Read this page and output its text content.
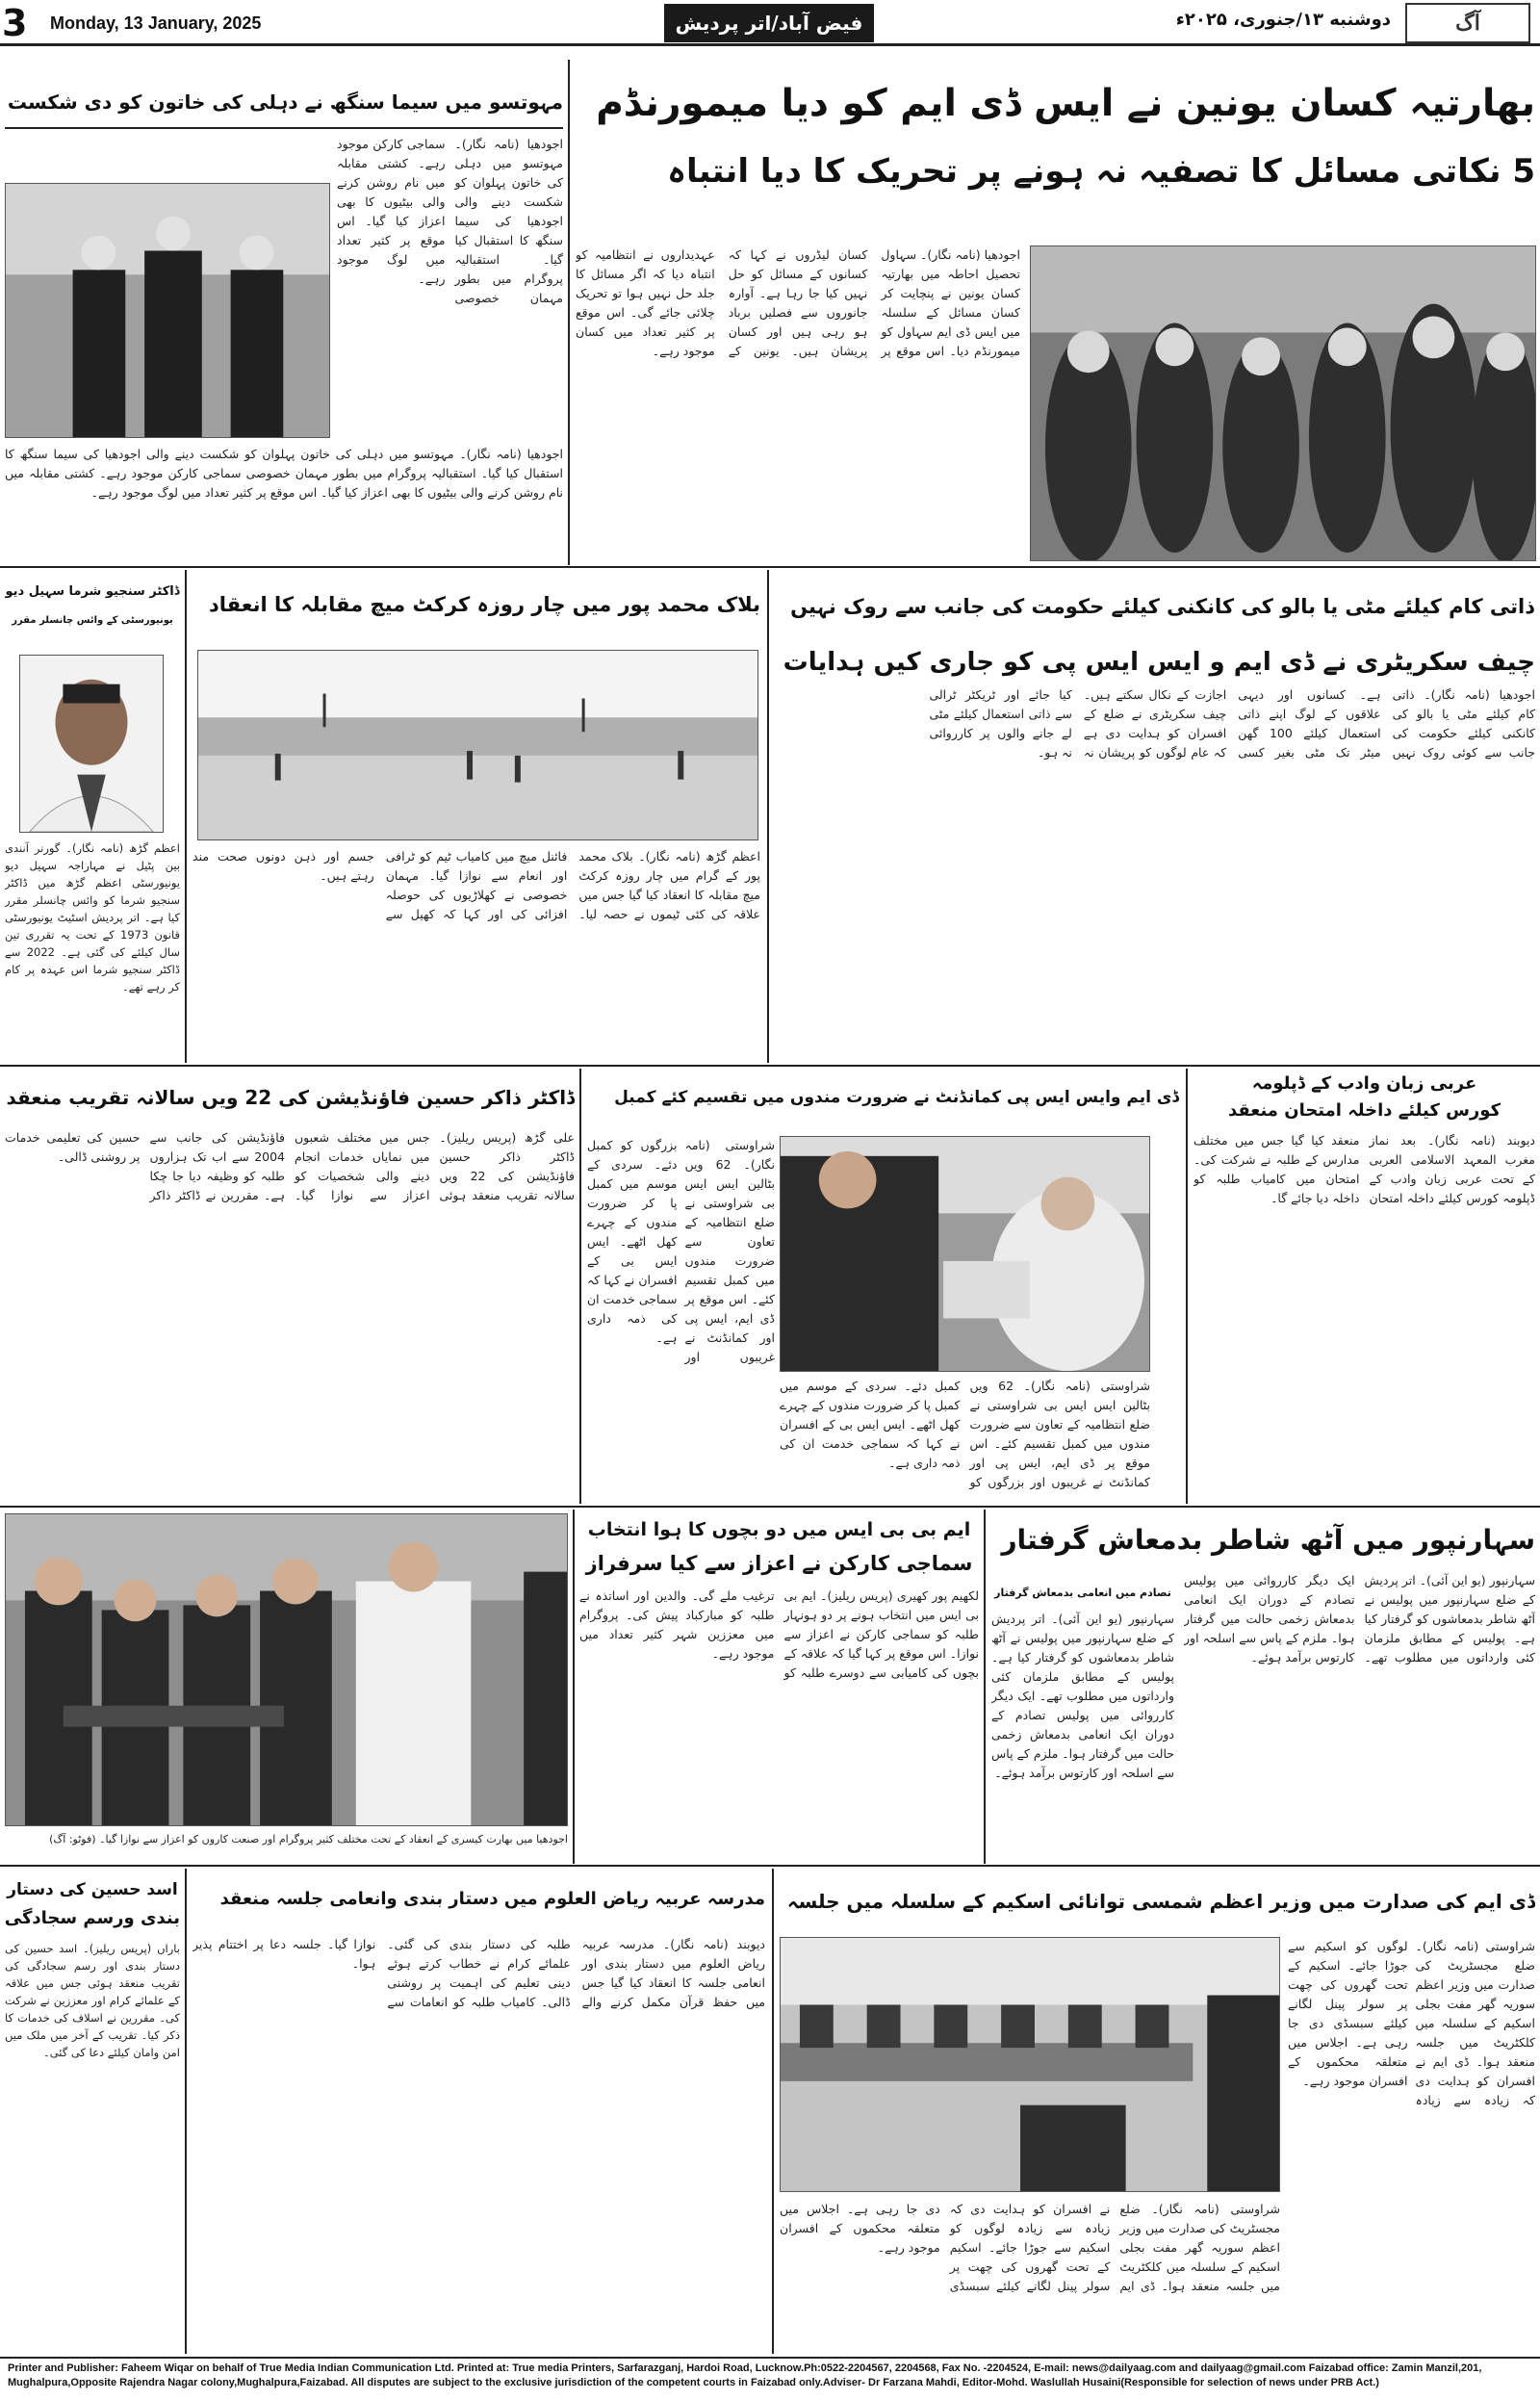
3	Monday, 13 January, 2025	فیض آباد/اتر پردیش	دوشنبه ۱۳/جنوری، ۲۰۲۵ء	آگ
بھارتیہ کسان یونین نے ایس ڈی ایم کو دیا میمورنڈم
5 نکاتی مسائل کا تصفیہ نہ ہونے پر تحریک کا دیا انتباہ
اجودھیا (نامہ نگار)۔ سہاول تحصیل احاطہ میں بھارتیہ کسان یونین نے پنچایت کر کسان مسائل کے سلسلہ میں ایس ڈی ایم سہاول کو میمورنڈم دیا۔ اس موقع پر کسان لیڈروں نے کہا کہ کسانوں کے مسائل کو حل نہیں کیا جا رہا ہے۔ آوارہ جانوروں سے فصلیں برباد ہو رہی ہیں اور کسان پریشان ہیں۔ یونین کے عہدیداروں نے انتظامیہ کو انتباہ دیا کہ اگر مسائل کا جلد حل نہیں ہوا تو تحریک چلائی جائے گی۔ اس موقع پر کثیر تعداد میں کسان موجود رہے۔
مہوتسو میں سیما سنگھ نے دہلی کی خاتون کو دی شکست
اجودھیا (نامہ نگار)۔ مہوتسو میں دہلی کی خاتون پہلوان کو شکست دینے والی اجودھیا کی سیما سنگھ کا استقبال کیا گیا۔ استقبالیہ پروگرام میں بطور مہمان خصوصی سماجی کارکن موجود رہے۔ کشتی مقابلہ میں نام روشن کرنے والی بیٹیوں کا بھی اعزاز کیا گیا۔ اس موقع پر کثیر تعداد میں لوگ موجود رہے۔
اجودھیا (نامہ نگار)۔ مہوتسو میں دہلی کی خاتون پہلوان کو شکست دینے والی اجودھیا کی سیما سنگھ کا استقبال کیا گیا۔ استقبالیہ پروگرام میں بطور مہمان خصوصی سماجی کارکن موجود رہے۔ کشتی مقابلہ میں نام روشن کرنے والی بیٹیوں کا بھی اعزاز کیا گیا۔ اس موقع پر کثیر تعداد میں لوگ موجود رہے۔
ذاتی کام کیلئے مٹی یا بالو کی کانکنی کیلئے حکومت کی جانب سے روک نہیں
چیف سکریٹری نے ڈی ایم و ایس ایس پی کو جاری کیں ہدایات
اجودھیا (نامہ نگار)۔ ذاتی کام کیلئے مٹی یا بالو کی کانکنی کیلئے حکومت کی جانب سے کوئی روک نہیں ہے۔ کسانوں اور دیہی علاقوں کے لوگ اپنے ذاتی استعمال کیلئے 100 گھن میٹر تک مٹی بغیر کسی اجازت کے نکال سکتے ہیں۔ چیف سکریٹری نے ضلع کے افسران کو ہدایت دی ہے کہ عام لوگوں کو پریشان نہ کیا جائے اور ٹریکٹر ٹرالی سے ذاتی استعمال کیلئے مٹی لے جانے والوں پر کارروائی نہ ہو۔
بلاک محمد پور میں چار روزہ کرکٹ میچ مقابلہ کا انعقاد
اعظم گڑھ (نامہ نگار)۔ بلاک محمد پور کے گرام میں چار روزہ کرکٹ میچ مقابلہ کا انعقاد کیا گیا جس میں علاقہ کی کئی ٹیموں نے حصہ لیا۔ فائنل میچ میں کامیاب ٹیم کو ٹرافی اور انعام سے نوازا گیا۔ مہمان خصوصی نے کھلاڑیوں کی حوصلہ افزائی کی اور کہا کہ کھیل سے جسم اور ذہن دونوں صحت مند رہتے ہیں۔
ڈاکٹر سنجیو شرما سہیل دیو
یونیورسٹی کے وائس چانسلر مقرر
اعظم گڑھ (نامہ نگار)۔ گورنر آنندی بین پٹیل نے مہاراجہ سہیل دیو یونیورسٹی اعظم گڑھ میں ڈاکٹر سنجیو شرما کو وائس چانسلر مقرر کیا ہے۔ اتر پردیش اسٹیٹ یونیورسٹی قانون 1973 کے تحت یہ تقرری تین سال کیلئے کی گئی ہے۔ 2022 سے ڈاکٹر سنجیو شرما اس عہدہ پر کام کر رہے تھے۔
عربی زبان وادب کے ڈپلومہ
کورس کیلئے داخلہ امتحان منعقد
دیوبند (نامہ نگار)۔ بعد نماز مغرب المعہد الاسلامی العربی کے تحت عربی زبان وادب کے ڈپلومہ کورس کیلئے داخلہ امتحان منعقد کیا گیا جس میں مختلف مدارس کے طلبہ نے شرکت کی۔ امتحان میں کامیاب طلبہ کو داخلہ دیا جائے گا۔
ڈی ایم وایس ایس پی کمانڈنٹ نے ضرورت مندوں میں تقسیم کئے کمبل
شراوستی (نامہ نگار)۔ 62 ویں بٹالین ایس ایس بی شراوستی نے ضلع انتظامیہ کے تعاون سے ضرورت مندوں میں کمبل تقسیم کئے۔ اس موقع پر ڈی ایم، ایس پی اور کمانڈنٹ نے غریبوں اور بزرگوں کو کمبل دئے۔ سردی کے موسم میں کمبل پا کر ضرورت مندوں کے چہرے کھل اٹھے۔ ایس ایس بی کے افسران نے کہا کہ سماجی خدمت ان کی ذمہ داری ہے۔
شراوستی (نامہ نگار)۔ 62 ویں بٹالین ایس ایس بی شراوستی نے ضلع انتظامیہ کے تعاون سے ضرورت مندوں میں کمبل تقسیم کئے۔ اس موقع پر ڈی ایم، ایس پی اور کمانڈنٹ نے غریبوں اور بزرگوں کو کمبل دئے۔ سردی کے موسم میں کمبل پا کر ضرورت مندوں کے چہرے کھل اٹھے۔ ایس ایس بی کے افسران نے کہا کہ سماجی خدمت ان کی ذمہ داری ہے۔
ڈاکٹر ذاکر حسین فاؤنڈیشن کی 22 ویں سالانہ تقریب منعقد
علی گڑھ (پریس ریلیز)۔ ڈاکٹر ذاکر حسین فاؤنڈیشن کی 22 ویں سالانہ تقریب منعقد ہوئی جس میں مختلف شعبوں میں نمایاں خدمات انجام دینے والی شخصیات کو اعزاز سے نوازا گیا۔ فاؤنڈیشن کی جانب سے 2004 سے اب تک ہزاروں طلبہ کو وظیفہ دیا جا چکا ہے۔ مقررین نے ڈاکٹر ذاکر حسین کی تعلیمی خدمات پر روشنی ڈالی۔
سہارنپور میں آٹھ شاطر بدمعاش گرفتار
سہارنپور (یو این آئی)۔ اتر پردیش کے ضلع سہارنپور میں پولیس نے آٹھ شاطر بدمعاشوں کو گرفتار کیا ہے۔ پولیس کے مطابق ملزمان کئی وارداتوں میں مطلوب تھے۔ ایک دیگر کارروائی میں پولیس تصادم کے دوران ایک انعامی بدمعاش زخمی حالت میں گرفتار ہوا۔ ملزم کے پاس سے اسلحہ اور کارتوس برآمد ہوئے۔
تصادم میں انعامی بدمعاش گرفتار
سہارنپور (یو این آئی)۔ اتر پردیش کے ضلع سہارنپور میں پولیس نے آٹھ شاطر بدمعاشوں کو گرفتار کیا ہے۔ پولیس کے مطابق ملزمان کئی وارداتوں میں مطلوب تھے۔ ایک دیگر کارروائی میں پولیس تصادم کے دوران ایک انعامی بدمعاش زخمی حالت میں گرفتار ہوا۔ ملزم کے پاس سے اسلحہ اور کارتوس برآمد ہوئے۔
ایم بی بی ایس میں دو بچوں کا ہوا انتخاب
سماجی کارکن نے اعزاز سے کیا سرفراز
لکھیم پور کھیری (پریس ریلیز)۔ ایم بی بی ایس میں انتخاب ہونے پر دو ہونہار طلبہ کو سماجی کارکن نے اعزاز سے نوازا۔ اس موقع پر کہا گیا کہ علاقہ کے بچوں کی کامیابی سے دوسرے طلبہ کو ترغیب ملے گی۔ والدین اور اساتذہ نے طلبہ کو مبارکباد پیش کی۔ پروگرام میں معززین شہر کثیر تعداد میں موجود رہے۔
اجودھیا میں بھارت کیسری کے انعقاد کے تحت مختلف کثیر پروگرام اور صنعت کاروں کو اعزاز سے نوازا گیا۔ (فوٹو: آگ)
ڈی ایم کی صدارت میں وزیر اعظم شمسی توانائی اسکیم کے سلسلہ میں جلسہ
شراوستی (نامہ نگار)۔ ضلع مجسٹریٹ کی صدارت میں وزیر اعظم سوریہ گھر مفت بجلی اسکیم کے سلسلہ میں کلکٹریٹ میں جلسہ منعقد ہوا۔ ڈی ایم نے افسران کو ہدایت دی کہ زیادہ سے زیادہ لوگوں کو اسکیم سے جوڑا جائے۔ اسکیم کے تحت گھروں کی چھت پر سولر پینل لگانے کیلئے سبسڈی دی جا رہی ہے۔ اجلاس میں متعلقہ محکموں کے افسران موجود رہے۔
شراوستی (نامہ نگار)۔ ضلع مجسٹریٹ کی صدارت میں وزیر اعظم سوریہ گھر مفت بجلی اسکیم کے سلسلہ میں کلکٹریٹ میں جلسہ منعقد ہوا۔ ڈی ایم نے افسران کو ہدایت دی کہ زیادہ سے زیادہ لوگوں کو اسکیم سے جوڑا جائے۔ اسکیم کے تحت گھروں کی چھت پر سولر پینل لگانے کیلئے سبسڈی دی جا رہی ہے۔ اجلاس میں متعلقہ محکموں کے افسران موجود رہے۔
مدرسہ عربیہ ریاض العلوم میں دستار بندی وانعامی جلسہ منعقد
دیوبند (نامہ نگار)۔ مدرسہ عربیہ ریاض العلوم میں دستار بندی اور انعامی جلسہ کا انعقاد کیا گیا جس میں حفظ قرآن مکمل کرنے والے طلبہ کی دستار بندی کی گئی۔ علمائے کرام نے خطاب کرتے ہوئے دینی تعلیم کی اہمیت پر روشنی ڈالی۔ کامیاب طلبہ کو انعامات سے نوازا گیا۔ جلسہ دعا پر اختتام پذیر ہوا۔
اسد حسین کی دستار
بندی ورسم سجادگی
باراں (پریس ریلیز)۔ اسد حسین کی دستار بندی اور رسم سجادگی کی تقریب منعقد ہوئی جس میں علاقہ کے علمائے کرام اور معززین نے شرکت کی۔ مقررین نے اسلاف کی خدمات کا ذکر کیا۔ تقریب کے آخر میں ملک میں امن وامان کیلئے دعا کی گئی۔
Printer and Publisher: Faheem Wiqar on behalf of True Media Indian Communication Ltd. Printed at: True media Printers, Sarfarazganj, Hardoi Road, Lucknow.Ph:0522-2204567, 2204568, Fax No. -2204524, E-mail: news@dailyaag.com and dailyaag@gmail.com Faizabad office: Zamin Manzil,201,
Mughalpura,Opposite Rajendra Nagar colony,Mughalpura,Faizabad. All disputes are subject to the exclusive jurisdiction of the competent courts in Faizabad only.Adviser- Dr Farzana Mahdi, Editor-Mohd. Waslullah Husaini(Responsible for selection of news under PRB Act.)
